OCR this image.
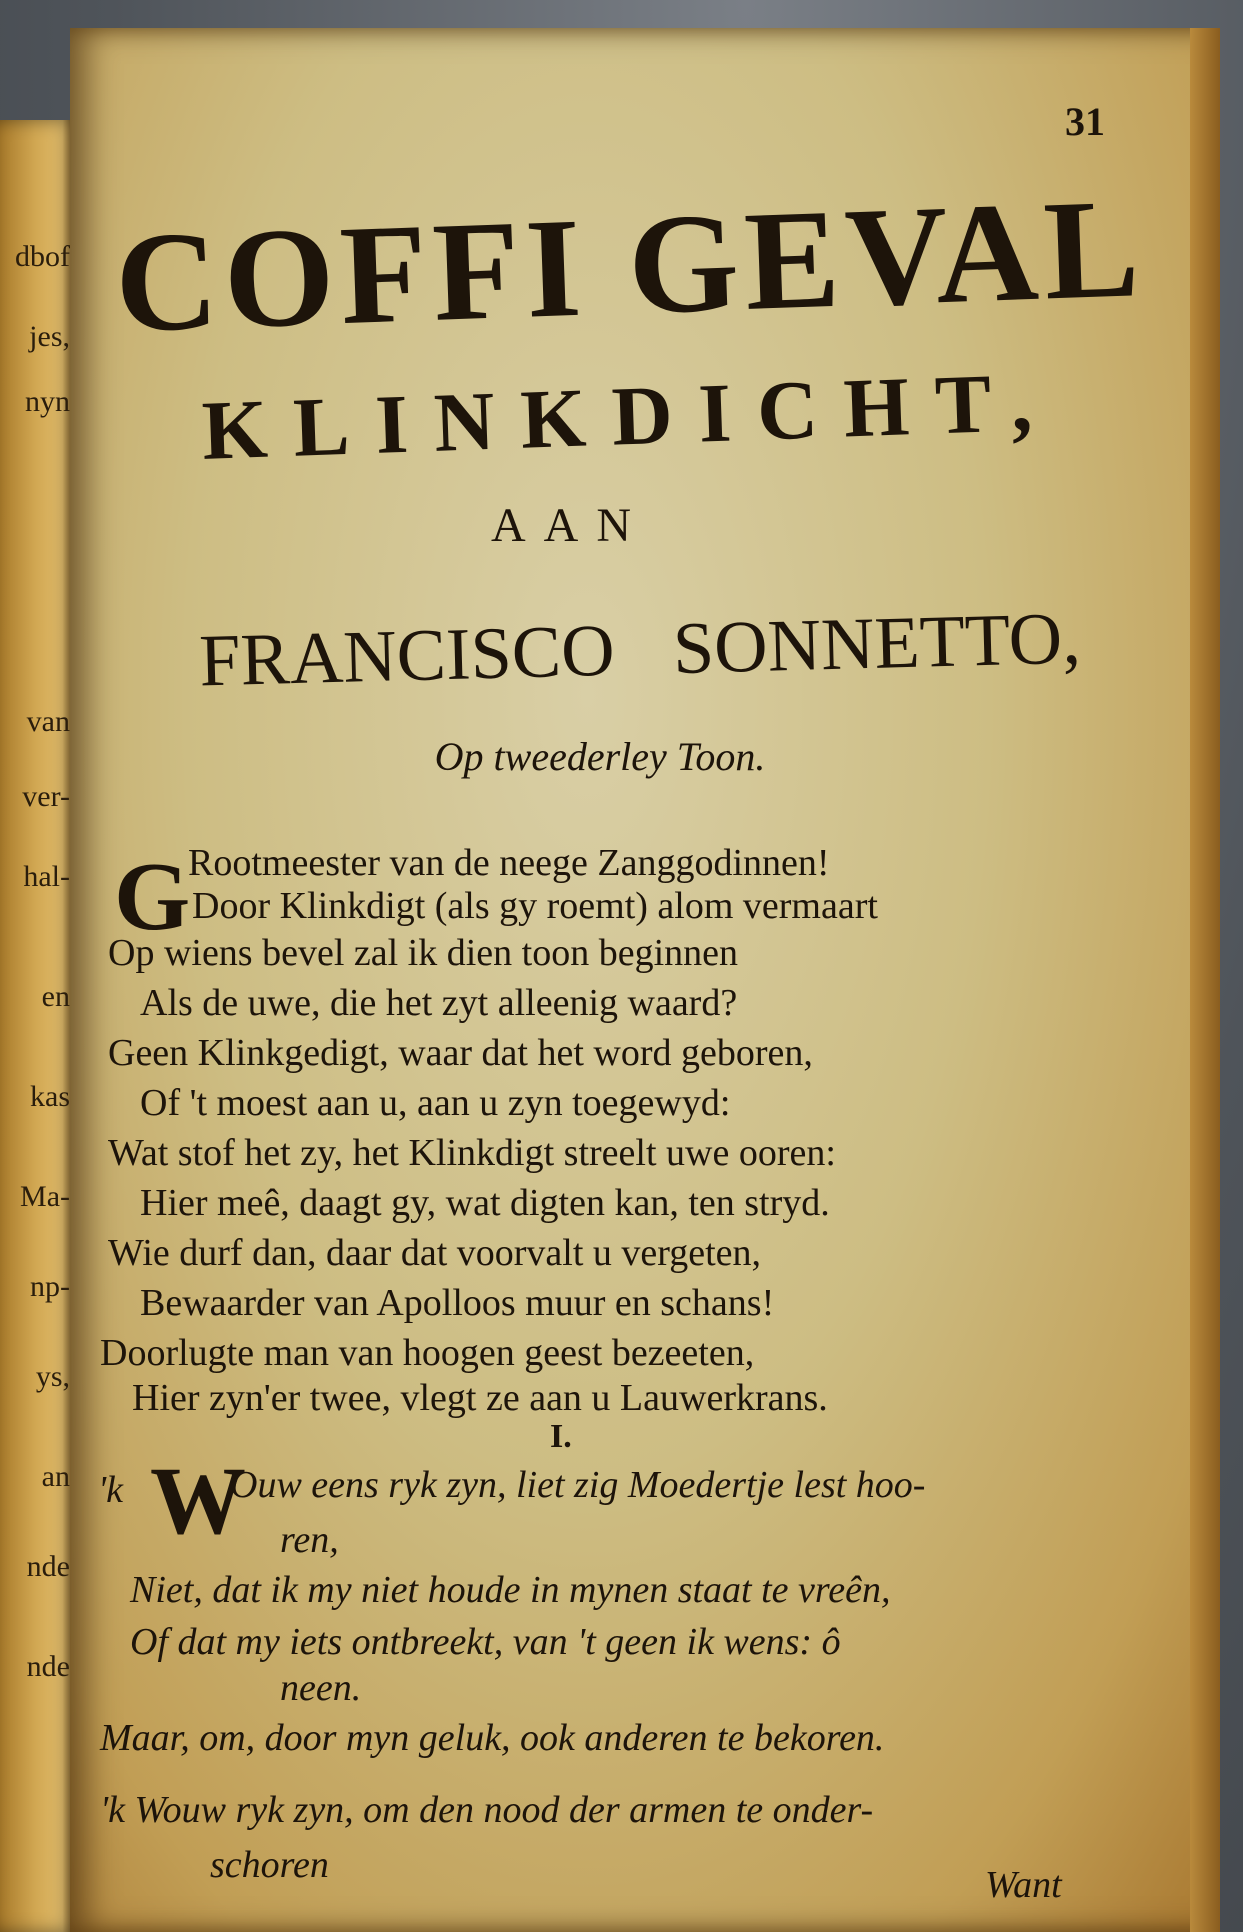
dbof
jes,
nyn
van
ver-
hal-
en
kas
Ma-
np-
ys,
an
nde
nde
31
COFFI GEVAL
KLINKDICHT,
AAN
FRANCISCO SONNETTO,
Op tweederley Toon.
G
Rootmeester van de neege Zanggodinnen!
Door Klinkdigt (als gy roemt) alom vermaart
Op wiens bevel zal ik dien toon beginnen
Als de uwe, die het zyt alleenig waard?
Geen Klinkgedigt, waar dat het word geboren,
Of 't moest aan u, aan u zyn toegewyd:
Wat stof het zy, het Klinkdigt streelt uwe ooren:
Hier meê, daagt gy, wat digten kan, ten stryd.
Wie durf dan, daar dat voorvalt u vergeten,
Bewaarder van Apolloos muur en schans!
Doorlugte man van hoogen geest bezeeten,
Hier zyn'er twee, vlegt ze aan u Lauwerkrans.
I.
'k W
Ouw eens ryk zyn, liet zig Moedertje lest hoo-
ren,
Niet, dat ik my niet houde in mynen staat te vreên,
Of dat my iets ontbreekt, van 't geen ik wens: ô
neen.
Maar, om, door myn geluk, ook anderen te bekoren.
'k Wouw ryk zyn, om den nood der armen te onder-
schoren	Want
